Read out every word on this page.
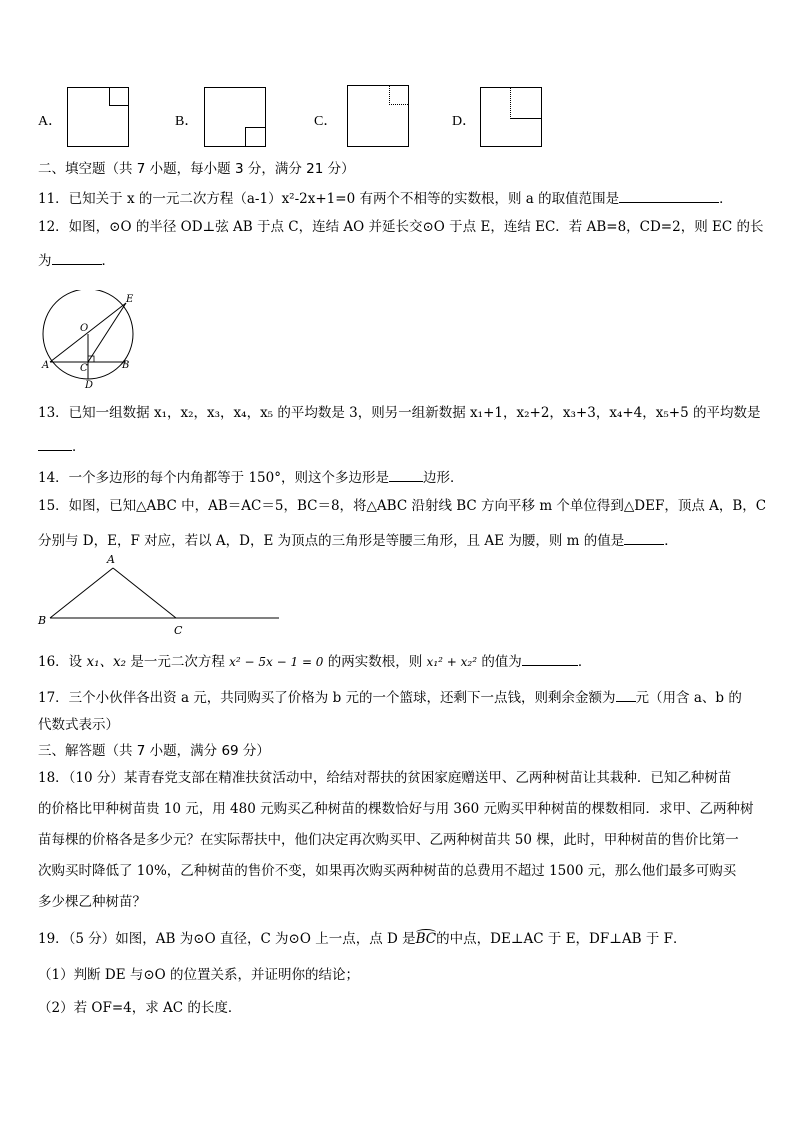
A．	B．	C．	D．
二、填空题（共 7 小题，每小题 3 分，满分 21 分）
11．已知关于 x 的一元二次方程（a-1）x²-2x+1=0 有两个不相等的实数根，则 a 的取值范围是	．
12．如图，⊙O 的半径 OD⊥弦 AB 于点 C，连结 AO 并延长交⊙O 于点 E，连结 EC．若 AB=8，CD=2，则 EC 的长
为	．
E
O
A	C	B
D
13．已知一组数据 x₁，x₂，x₃，x₄，x₅ 的平均数是 3，则另一组新数据 x₁+1，x₂+2，x₃+3，x₄+4，x₅+5 的平均数是
．
14．一个多边形的每个内角都等于 150°，则这个多边形是	边形．
15．如图，已知△ABC 中，AB＝AC＝5，BC＝8，将△ABC 沿射线 BC 方向平移 m 个单位得到△DEF，顶点 A，B，C
分别与 D，E，F 对应，若以 A，D，E 为顶点的三角形是等腰三角形，且 AE 为腰，则 m 的值是	．
A
B
C
16．设 x₁、x₂ 是一元二次方程 x² − 5x − 1 = 0 的两实数根，则 x₁² + x₂² 的值为	．
17．三个小伙伴各出资 a 元，共同购买了价格为 b 元的一个篮球，还剩下一点钱，则剩余金额为 元（用含 a、b 的
代数式表示）
三、解答题（共 7 小题，满分 69 分）
18．（10 分）某青春党支部在精准扶贫活动中，给结对帮扶的贫困家庭赠送甲、乙两种树苗让其栽种．已知乙种树苗
的价格比甲种树苗贵 10 元，用 480 元购买乙种树苗的棵数恰好与用 360 元购买甲种树苗的棵数相同．求甲、乙两种树
苗每棵的价格各是多少元？在实际帮扶中，他们决定再次购买甲、乙两种树苗共 50 棵，此时，甲种树苗的售价比第一
次购买时降低了 10%，乙种树苗的售价不变，如果再次购买两种树苗的总费用不超过 1500 元，那么他们最多可购买
多少棵乙种树苗？
19．（5 分）如图，AB 为⊙O 直径，C 为⊙O 上一点，点 D 是
BC的中点，DE⊥AC 于 E，DF⊥AB 于 F．
（1）判断 DE 与⊙O 的位置关系，并证明你的结论；
（2）若 OF=4，求 AC 的长度．
